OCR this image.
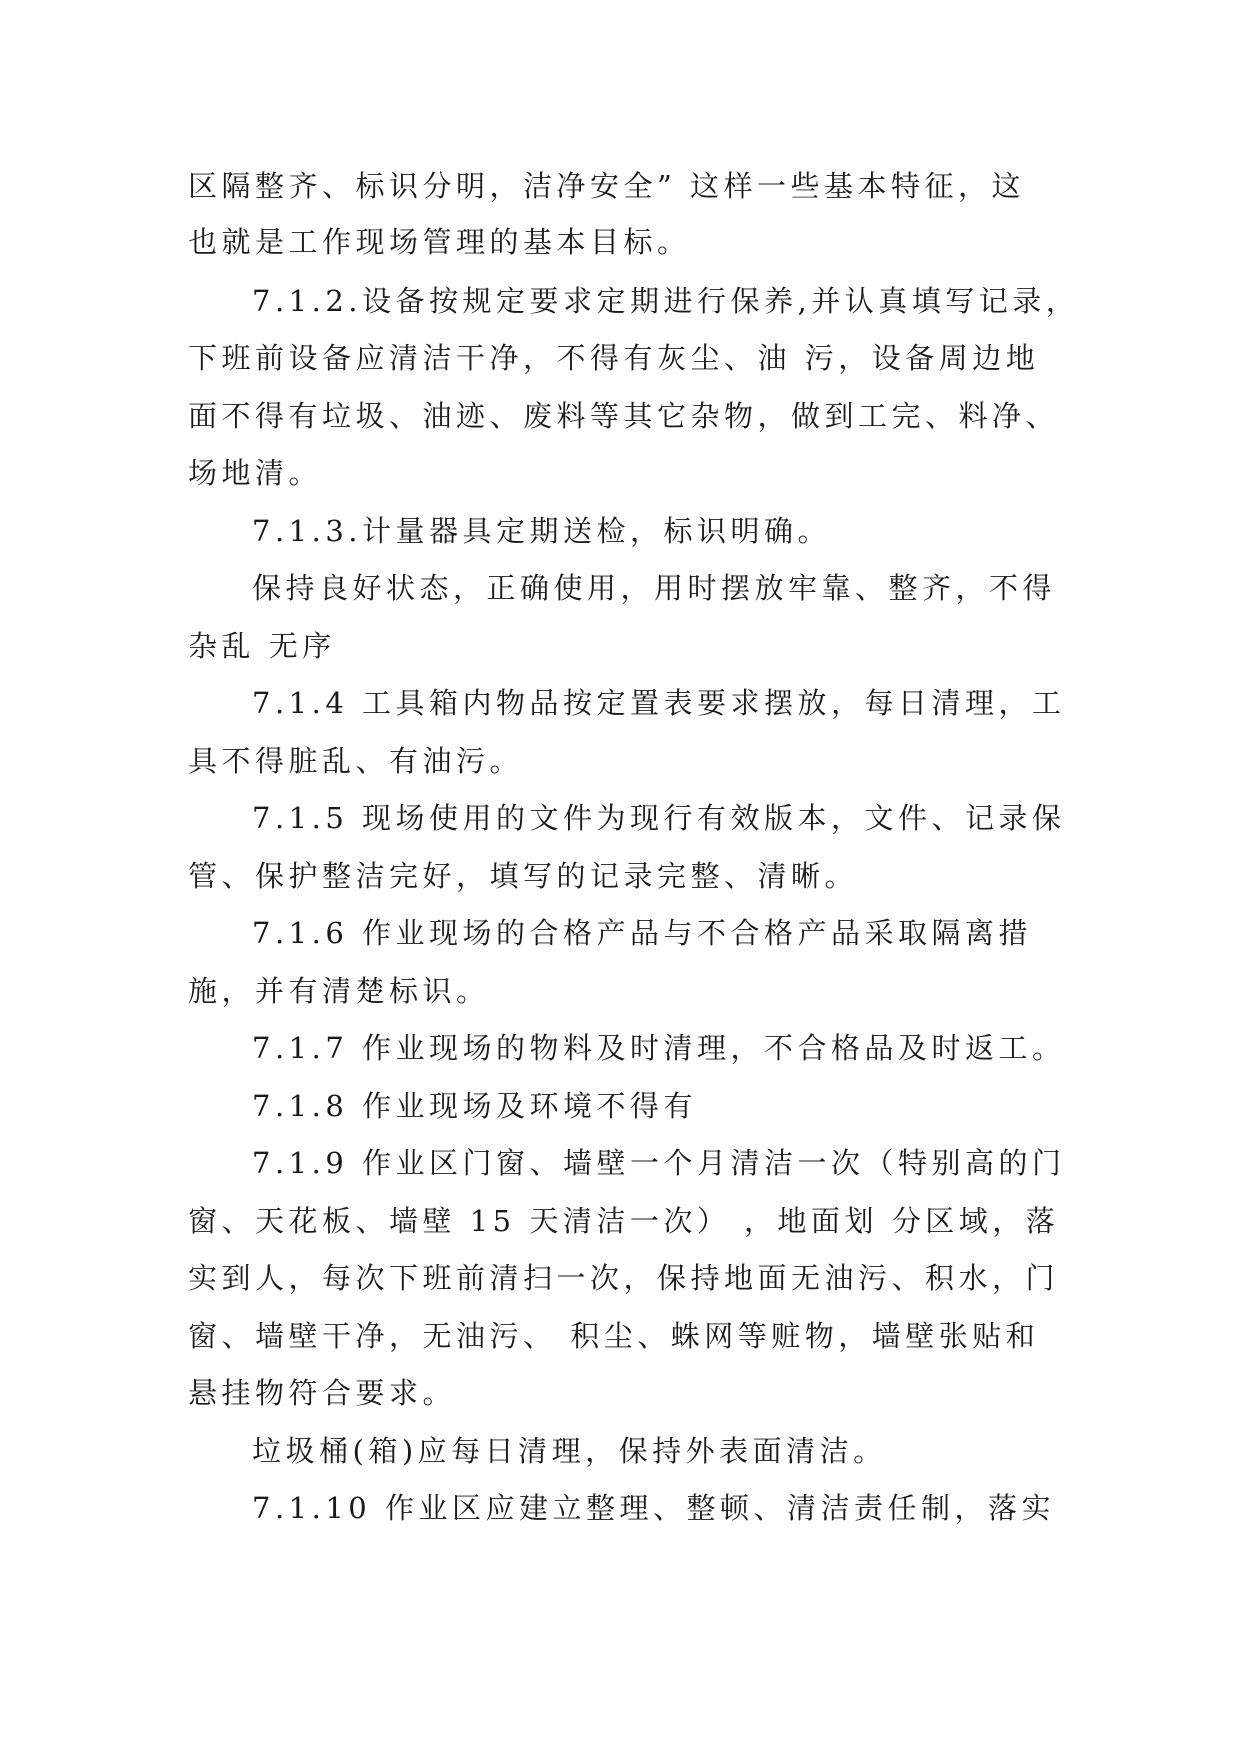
区隔整齐、标识分明，洁净安全” 这样一些基本特征，这
也就是工作现场管理的基本目标。
7.1.2.设备按规定要求定期进行保养,并认真填写记录，
下班前设备应清洁干净，不得有灰尘、油 污，设备周边地
面不得有垃圾、油迹、废料等其它杂物，做到工完、料净、
场地清。
7.1.3.计量器具定期送检，标识明确。
保持良好状态，正确使用，用时摆放牢靠、整齐，不得
杂乱 无序
7.1.4 工具箱内物品按定置表要求摆放，每日清理，工
具不得脏乱、有油污。
7.1.5 现场使用的文件为现行有效版本，文件、记录保
管、保护整洁完好，填写的记录完整、清晰。
7.1.6 作业现场的合格产品与不合格产品采取隔离措
施，并有清楚标识。
7.1.7 作业现场的物料及时清理，不合格品及时返工。
7.1.8 作业现场及环境不得有
7.1.9 作业区门窗、墙壁一个月清洁一次（特别高的门
窗、天花板、墙壁 15 天清洁一次） ，地面划 分区域，落
实到人，每次下班前清扫一次，保持地面无油污、积水，门
窗、墙壁干净，无油污、 积尘、蛛网等赃物，墙壁张贴和
悬挂物符合要求。
垃圾桶(箱)应每日清理，保持外表面清洁。
7.1.10 作业区应建立整理、整顿、清洁责任制，落实
